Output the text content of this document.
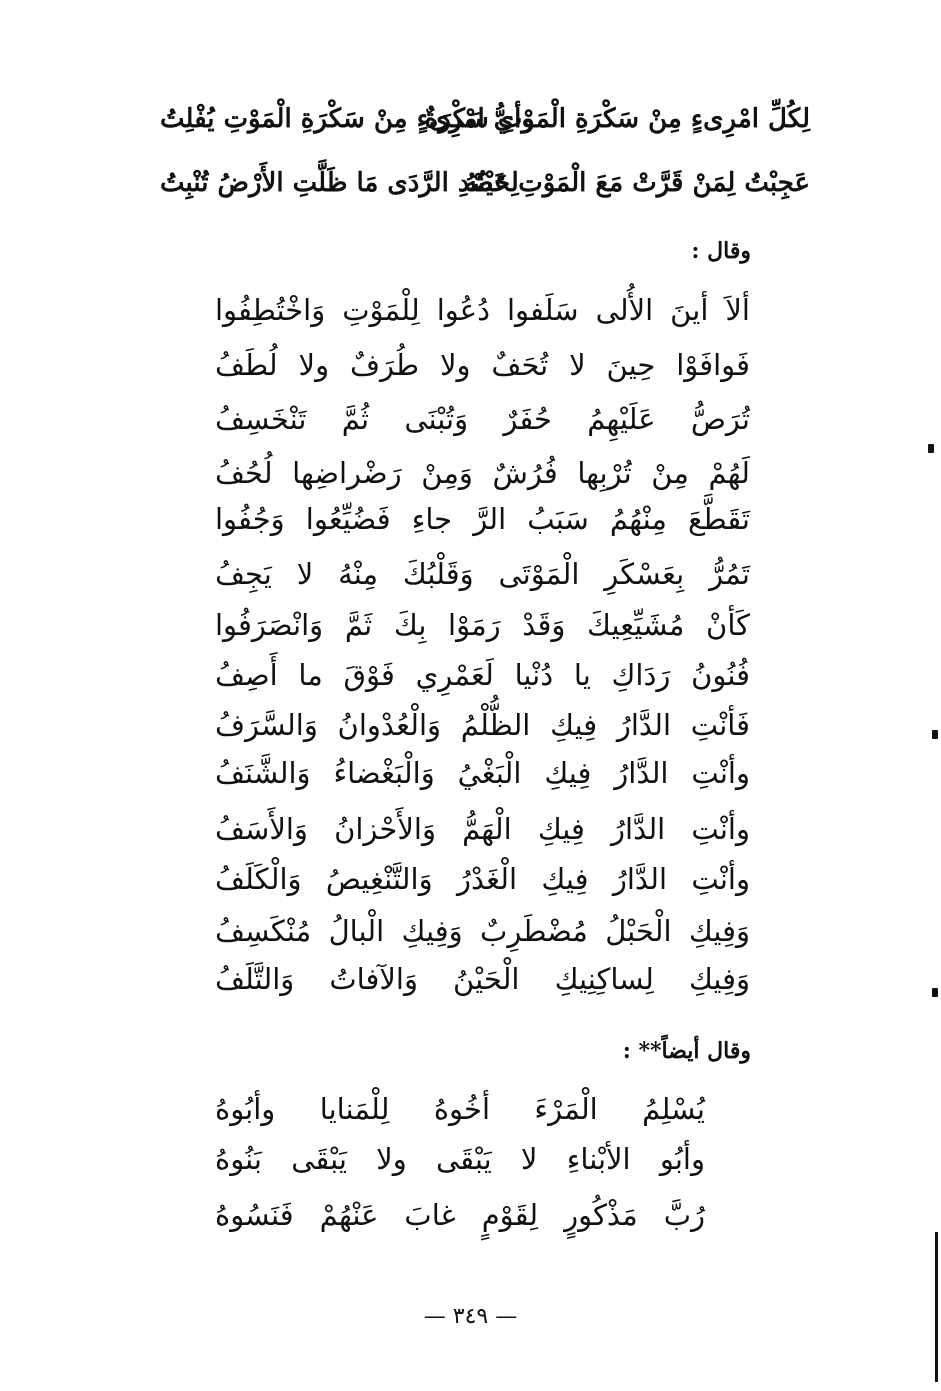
لِكُلِّ امْرِىءٍ مِنْ سَكْرَةِ الْمَوْتِ سَكْرَةٌ
وأيُّ امْرِىءٍ مِنْ سَكْرَةِ الْمَوْتِ يُفْلِتُ
عَجِبْتُ لِمَنْ قَرَّتْ مَعَ الْمَوْتِ عَيْنُهُ
لِحَصْدِ الرَّدَى مَا ظَلَّتِ الأَرْضُ تُنْبِتُ
وقال :
ألاَ أينَ الأُلى سَلَفوا دُعُوا لِلْمَوْتِ وَاخْتُطِفُوا
فَوافَوْا حِينَ لا تُحَفٌ ولا طُرَفٌ ولا لُطَفُ
تُرَصُّ عَلَيْهِمُ حُفَرٌ وَتُبْنَى ثُمَّ تَنْخَسِفُ
لَهُمْ مِنْ تُرْبِها فُرُشٌ وَمِنْ رَضْراضِها لُحُفُ
تَقَطَّعَ مِنْهُمُ سَبَبُ الرَّ جاءِ فَضُيِّعُوا وَجُفُوا
تَمُرُّ بِعَسْكَرِ الْمَوْتَى وَقَلْبُكَ مِنْهُ لا يَجِفُ
كَأنْ مُشَيِّعِيكَ وَقَدْ رَمَوْا بِكَ ثَمَّ وَانْصَرَفُوا
فُنُونُ رَدَاكِ يا دُنْيا لَعَمْرِي فَوْقَ ما أَصِفُ
فَأنْتِ الدَّارُ فِيكِ الظُّلْمُ وَالْعُدْوانُ وَالسَّرَفُ
وأنْتِ الدَّارُ فِيكِ الْبَغْيُ وَالْبَغْضاءُ وَالشَّنَفُ
وأنْتِ الدَّارُ فِيكِ الْهَمُّ وَالأَحْزانُ وَالأَسَفُ
وأنْتِ الدَّارُ فِيكِ الْغَدْرُ وَالتَّنْغِيصُ وَالْكَلَفُ
وَفِيكِ الْحَبْلُ مُضْطَرِبٌ وَفِيكِ الْبالُ مُنْكَسِفُ
وَفِيكِ لِساكِنِيكِ الْحَيْنُ وَالآفاتُ وَالتَّلَفُ
وقال أيضاً** :
يُسْلِمُ الْمَرْءَ أخُوهُ لِلْمَنايا وأبُوهُ
وأبُو الأبْناءِ لا يَبْقَى ولا يَبْقَى بَنُوهُ
رُبَّ مَذْكُورٍ لِقَوْمٍ غابَ عَنْهُمْ فَنَسُوهُ
— ٣٤٩ —
